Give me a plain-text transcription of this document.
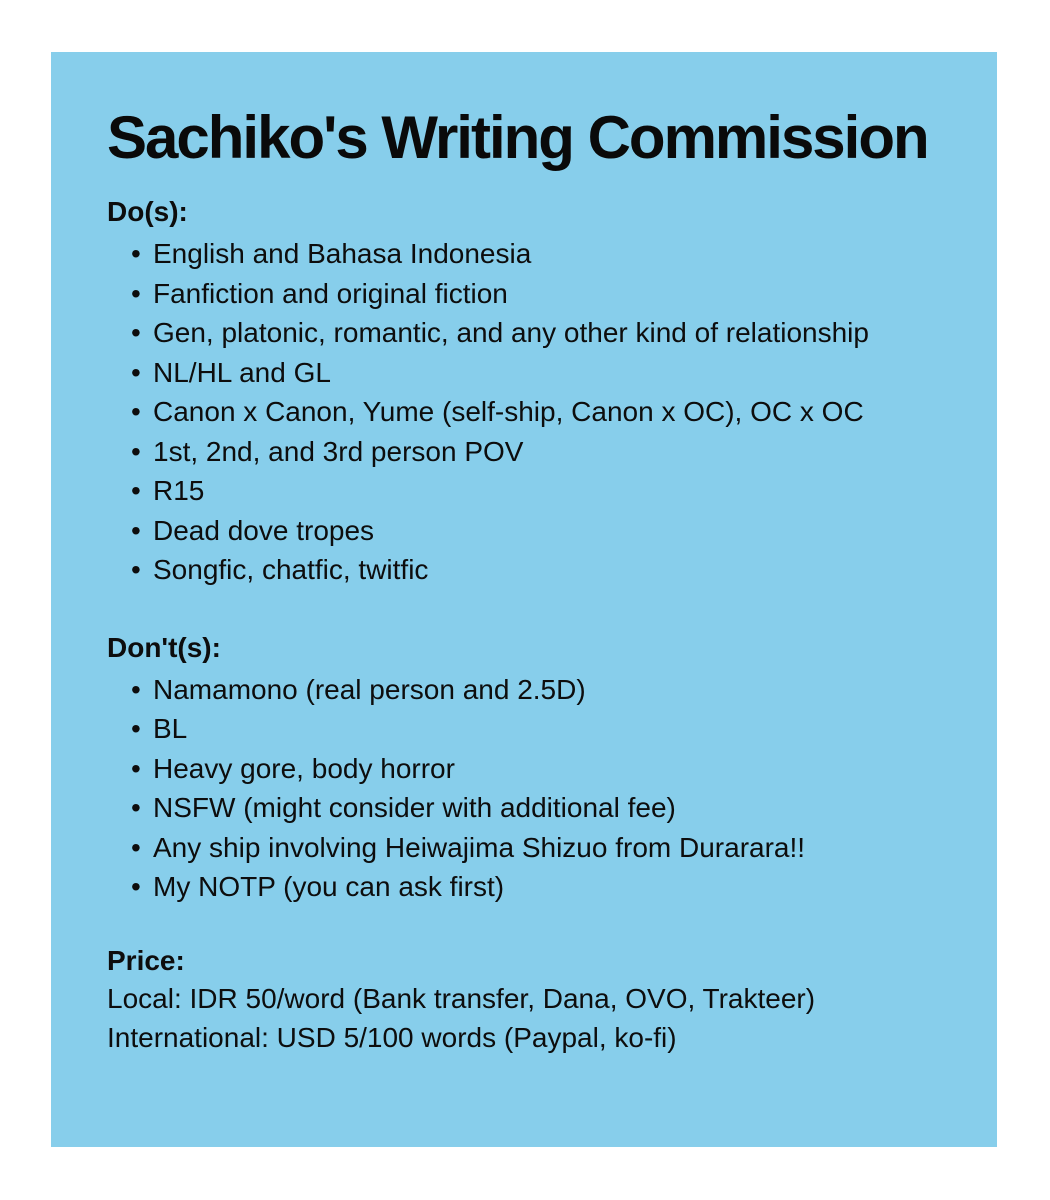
Sachiko's Writing Commission
Do(s):
• English and Bahasa Indonesia
• Fanfiction and original fiction
• Gen, platonic, romantic, and any other kind of relationship
• NL/HL and GL
• Canon x Canon, Yume (self-ship, Canon x OC), OC x OC
• 1st, 2nd, and 3rd person POV
• R15
• Dead dove tropes
• Songfic, chatfic, twitfic
Don't(s):
• Namamono (real person and 2.5D)
• BL
• Heavy gore, body horror
• NSFW (might consider with additional fee)
• Any ship involving Heiwajima Shizuo from Durarara!!
• My NOTP (you can ask first)
Price:

Local: IDR 50/word (Bank transfer, Dana, OVO, Trakteer)

International: USD 5/100 words (Paypal, ko-fi)
